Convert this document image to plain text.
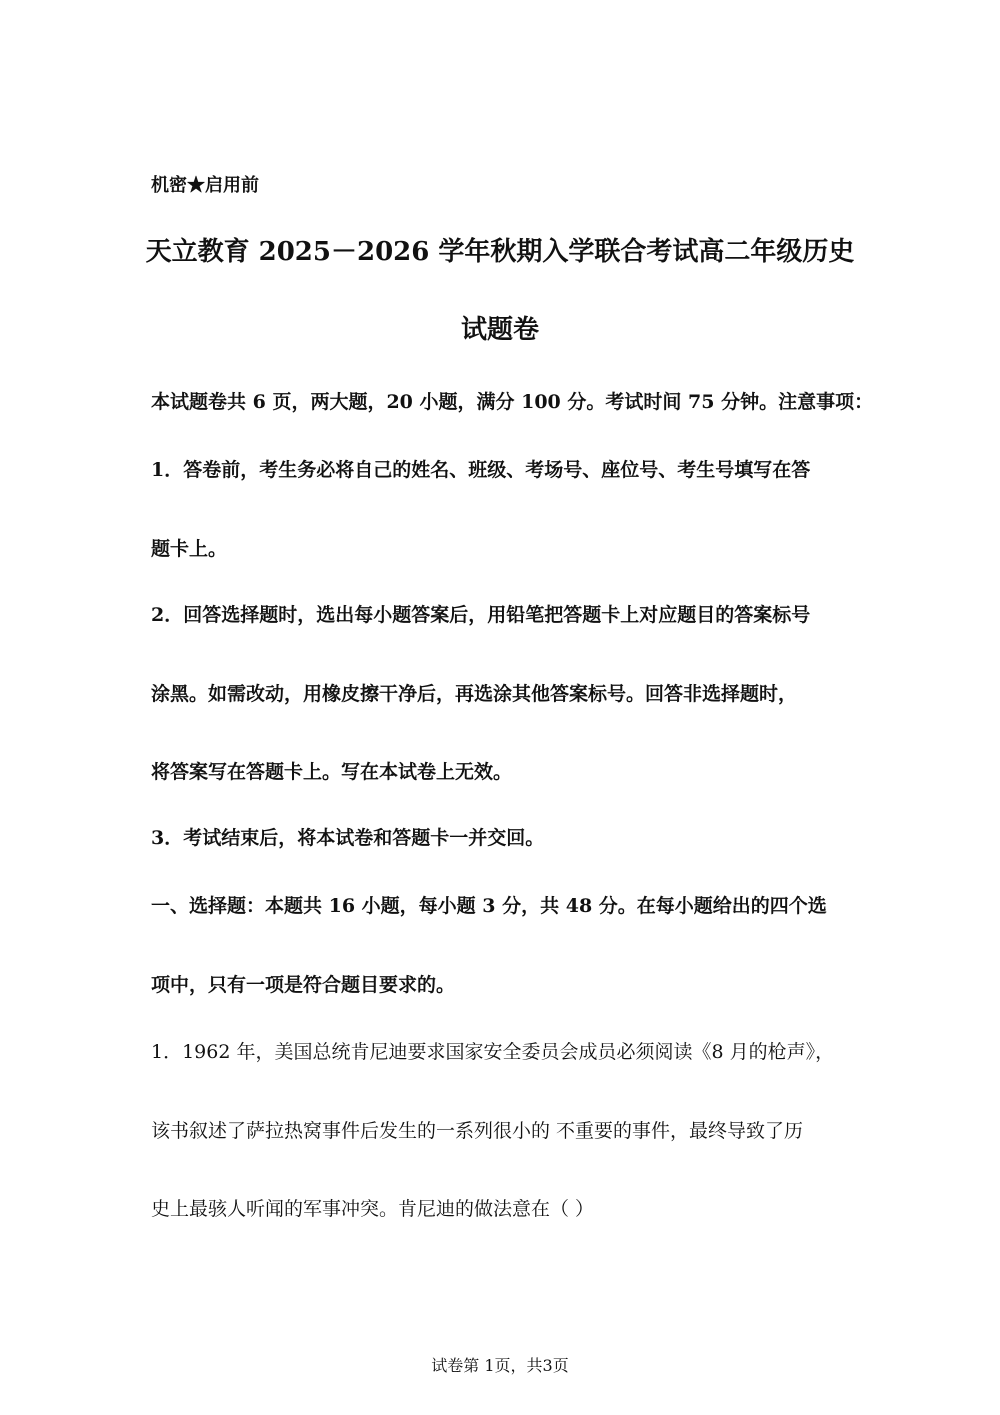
机密★启用前
天立教育 2025－2026 学年秋期入学联合考试高二年级历史
试题卷
本试题卷共 6 页，两大题，20 小题，满分 100 分。考试时间 75 分钟。注意事项：
1．答卷前，考生务必将自己的姓名、班级、考场号、座位号、考生号填写在答
题卡上。
2．回答选择题时，选出每小题答案后，用铅笔把答题卡上对应题目的答案标号
涂黑。如需改动，用橡皮擦干净后，再选涂其他答案标号。回答非选择题时，
将答案写在答题卡上。写在本试卷上无效。
3．考试结束后，将本试卷和答题卡一并交回。
一、选择题：本题共 16 小题，每小题 3 分，共 48 分。在每小题给出的四个选
项中，只有一项是符合题目要求的。
1．1962 年，美国总统肯尼迪要求国家安全委员会成员必须阅读《8 月的枪声》，
该书叙述了萨拉热窝事件后发生的一系列很小的 不重要的事件，最终导致了历
史上最骇人听闻的军事冲突。肯尼迪的做法意在（ ）
试卷第 1页，共3页
